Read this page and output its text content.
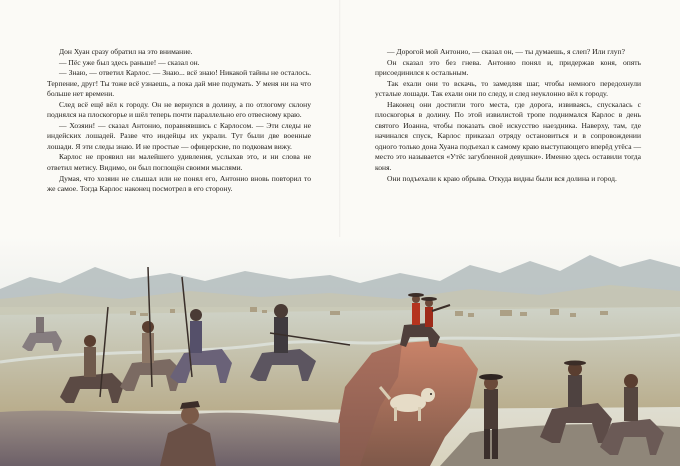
Дон Хуан сразу обратил на это внимание.

— Пёс уже был здесь раньше! — сказал он.

— Знаю, — ответил Карлос. — Знаю... всё знаю! Никакой тайны не осталось. Терпение, друг! Ты тоже всё узнаешь, а пока дай мне подумать. У меня ни на что больше нет времени.

След всё ещё вёл к городу. Он не вернулся в долину, а по отлогому склону поднялся на плоскогорье и шёл теперь почти параллельно его отвесному краю.

— Хозяин! — сказал Антонио, поравнявшись с Карлосом. — Эти следы не индейских лошадей. Разве что индейцы их украли. Тут были две военные лошади. Я эти следы знаю. И не простые — офицерские, по подковам вижу.

Карлос не проявил ни малейшего удивления, услыхав это, и ни слова не ответил метису. Видимо, он был поглощён своими мыслями.

Думая, что хозяин не слышал или не понял его, Антонио вновь повторил то же самое. Тогда Карлос наконец посмотрел в его сторону.

— Дорогой мой Антонио, — сказал он, — ты думаешь, я слеп? Или глуп?

Он сказал это без гнева. Антонио понял и, придержав коня, опять присоединился к остальным.

Так ехали они то вскачь, то замедляя шаг, чтобы немного передохнули усталые лошади. Так ехали они по следу, и след неуклонно вёл к городу.

Наконец они достигли того места, где дорога, извиваясь, спускалась с плоскогорья в долину. По этой извилистой тропе поднимался Карлос в день святого Иоанна, чтобы показать своё искусство наездника. Наверху, там, где начинался спуск, Карлос приказал отряду остановиться и в сопровождении одного только дона Хуана подъехал к самому краю выступающего вперёд утёса — место это называется «Утёс загубленной девушки». Именно здесь оставили тогда коня.

Они подъехали к краю обрыва. Откуда видны были вся долина и город.
